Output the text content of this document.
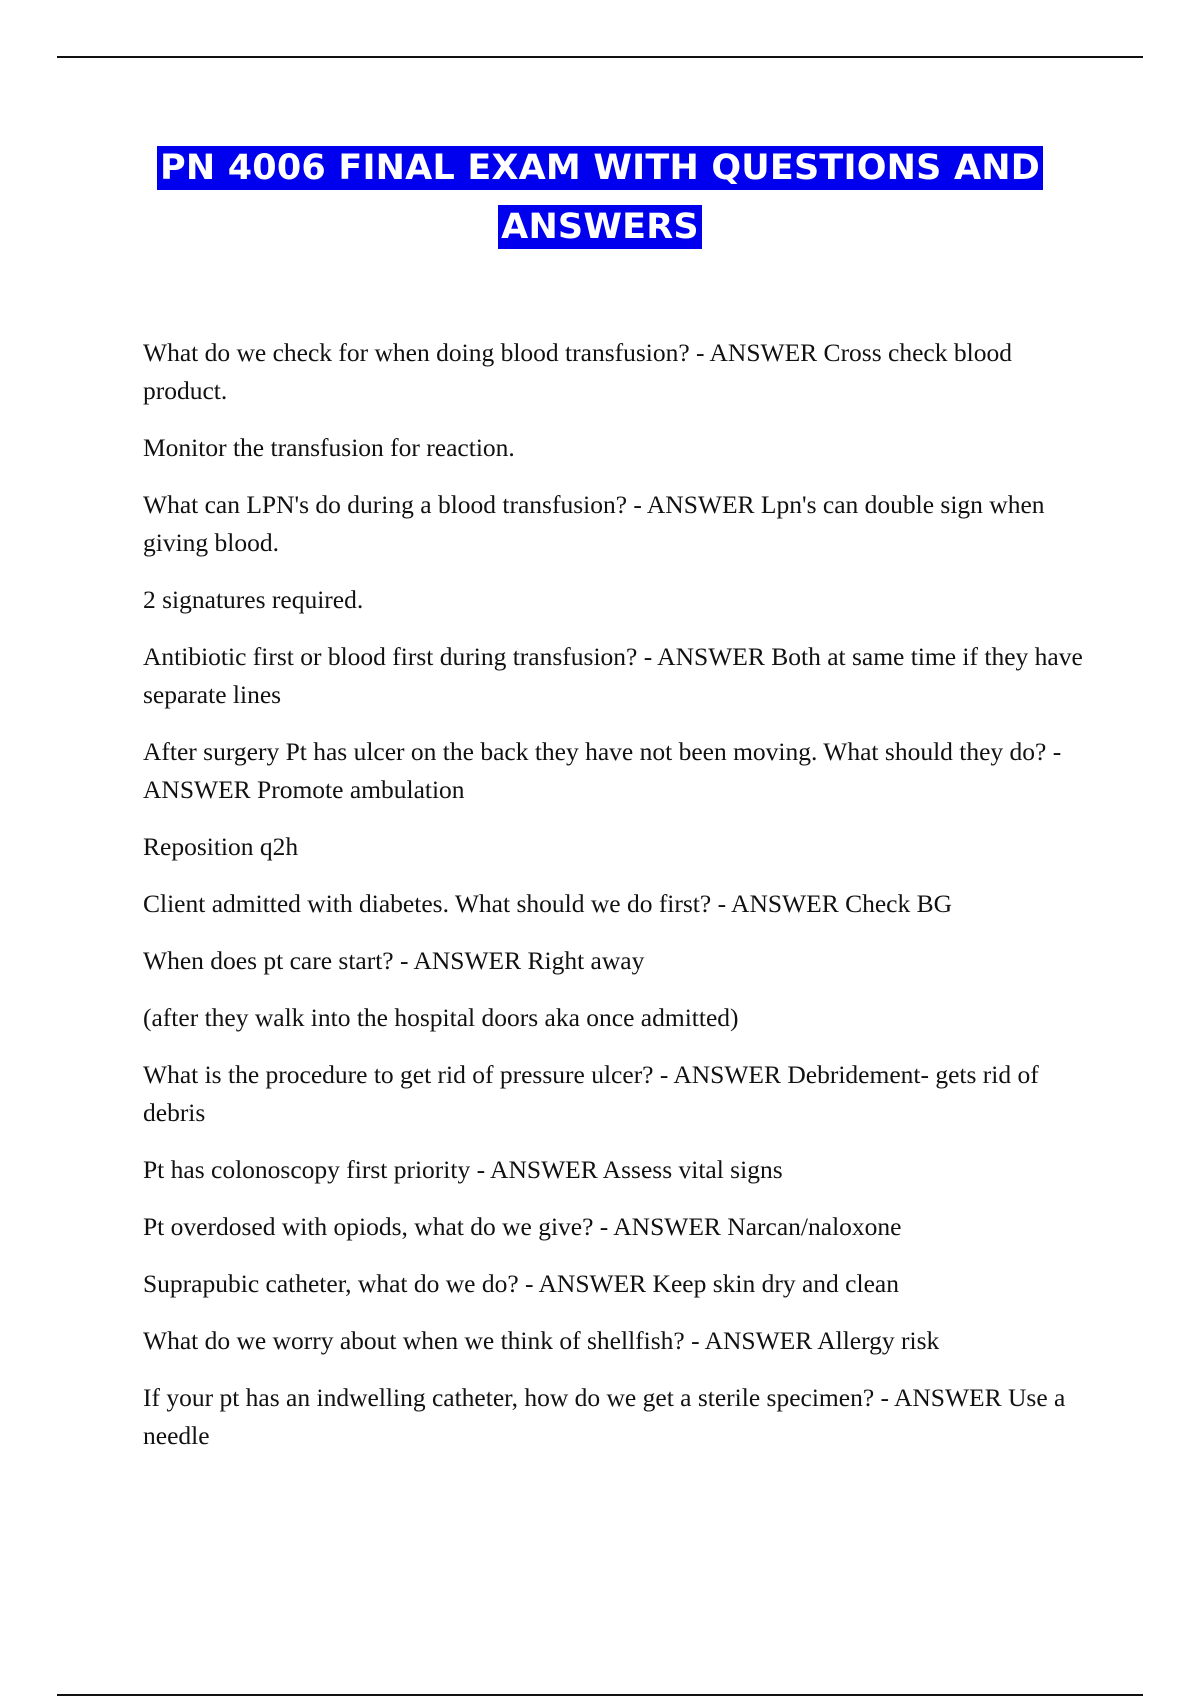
PN 4006 FINAL EXAM WITH QUESTIONS AND ANSWERS

What do we check for when doing blood transfusion? - ANSWER Cross check blood product.

Monitor the transfusion for reaction.

What can LPN's do during a blood transfusion? - ANSWER Lpn's can double sign when giving blood.

2 signatures required.

Antibiotic first or blood first during transfusion? - ANSWER Both at same time if they have separate lines

After surgery Pt has ulcer on the back they have not been moving. What should they do? - ANSWER Promote ambulation

Reposition q2h

Client admitted with diabetes. What should we do first? - ANSWER Check BG

When does pt care start? - ANSWER Right away

(after they walk into the hospital doors aka once admitted)

What is the procedure to get rid of pressure ulcer? - ANSWER Debridement- gets rid of debris

Pt has colonoscopy first priority - ANSWER Assess vital signs

Pt overdosed with opiods, what do we give? - ANSWER Narcan/naloxone

Suprapubic catheter, what do we do? - ANSWER Keep skin dry and clean

What do we worry about when we think of shellfish? - ANSWER Allergy risk

If your pt has an indwelling catheter, how do we get a sterile specimen? - ANSWER Use a needle
